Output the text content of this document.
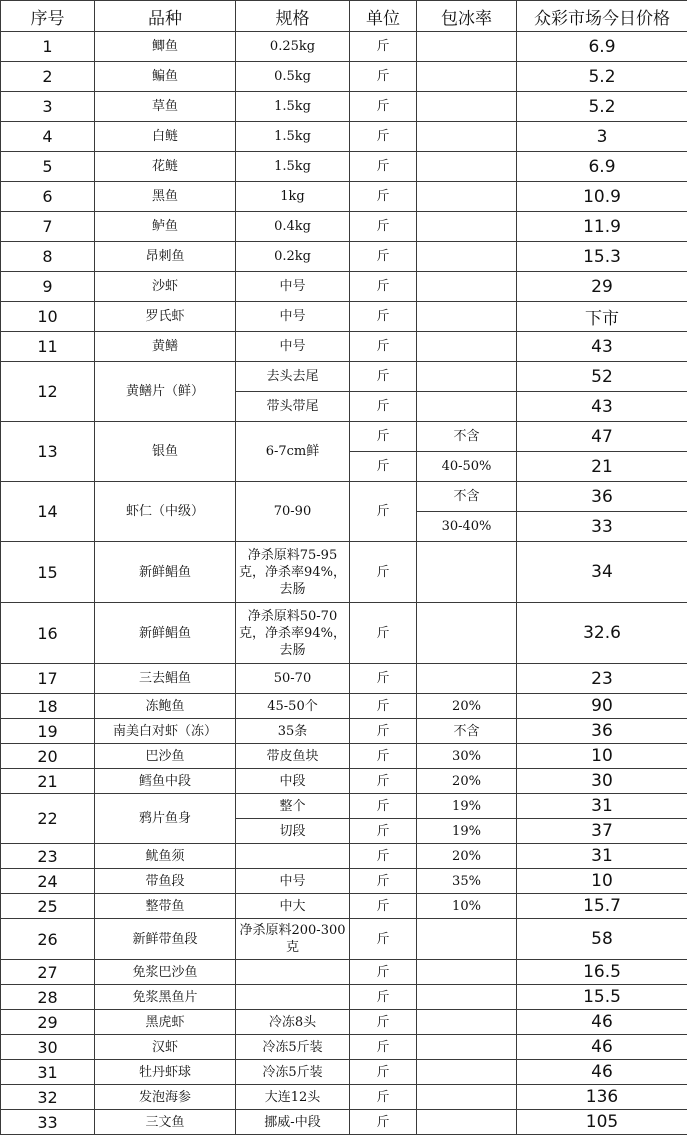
序号	品种	规格	单位	包冰率	众彩市场今日价格
1	鲫鱼	0.25kg	斤		6.9
2	鳊鱼	0.5kg	斤		5.2
3	草鱼	1.5kg	斤		5.2
4	白鲢	1.5kg	斤		3
5	花鲢	1.5kg	斤		6.9
6	黑鱼	1kg	斤		10.9
7	鲈鱼	0.4kg	斤		11.9
8	昂刺鱼	0.2kg	斤		15.3
9	沙虾	中号	斤		29
10	罗氏虾	中号	斤		下市
11	黄鳝	中号	斤		43
12	黄鳝片（鲜）	去头去尾	斤		52
		带头带尾	斤		43
13	银鱼	6-7cm鲜	斤	不含	47
			斤	40-50%	21
14	虾仁（中级）	70-90	斤	不含	36
				30-40%	33
15	新鲜鲳鱼	净杀原料75-95克，净杀率94%，去肠	斤		34
16	新鲜鲳鱼	净杀原料50-70克，净杀率94%，去肠	斤		32.6
17	三去鲳鱼	50-70	斤		23
18	冻鲍鱼	45-50个	斤	20%	90
19	南美白对虾（冻）	35条	斤	不含	36
20	巴沙鱼	带皮鱼块	斤	30%	10
21	鳕鱼中段	中段	斤	20%	30
22	鸦片鱼身	整个	斤	19%	31
		切段	斤	19%	37
23	鱿鱼须		斤	20%	31
24	带鱼段	中号	斤	35%	10
25	整带鱼	中大	斤	10%	15.7
26	新鲜带鱼段	净杀原料200-300克	斤		58
27	免浆巴沙鱼		斤		16.5
28	免浆黑鱼片		斤		15.5
29	黑虎虾	冷冻8头	斤		46
30	汉虾	冷冻5斤装	斤		46
31	牡丹虾球	冷冻5斤装	斤		46
32	发泡海参	大连12头	斤		136
33	三文鱼	挪威-中段	斤		105
